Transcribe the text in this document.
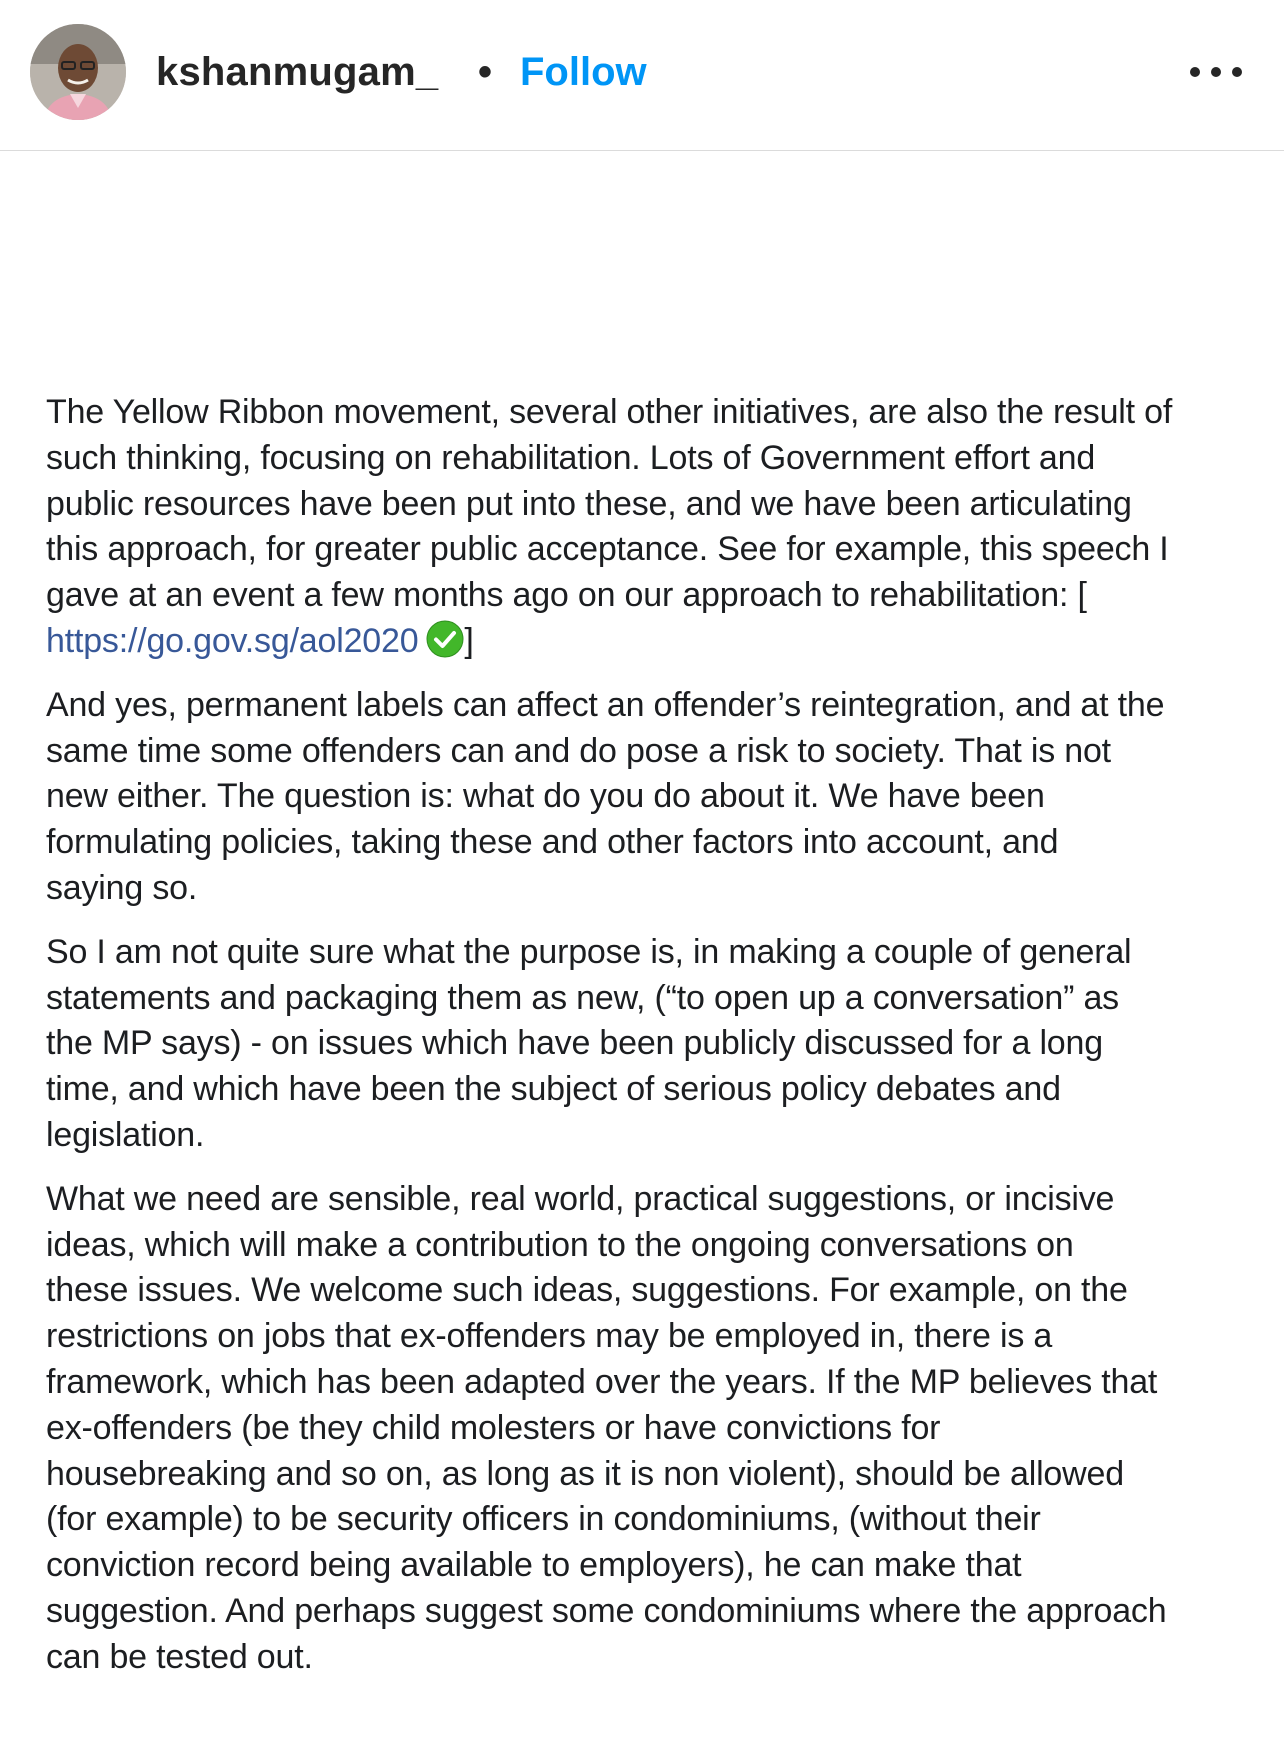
kshanmugam_ • Follow
The Yellow Ribbon movement, several other initiatives, are also the result of
such thinking, focusing on rehabilitation. Lots of Government effort and
public resources have been put into these, and we have been articulating
this approach, for greater public acceptance. See for example, this speech I
gave at an event a few months ago on our approach to rehabilitation: [
https://go.gov.sg/aol2020 ]
And yes, permanent labels can affect an offender’s reintegration, and at the
same time some offenders can and do pose a risk to society. That is not
new either. The question is: what do you do about it. We have been
formulating policies, taking these and other factors into account, and
saying so.
So I am not quite sure what the purpose is, in making a couple of general
statements and packaging them as new, (“to open up a conversation” as
the MP says) - on issues which have been publicly discussed for a long
time, and which have been the subject of serious policy debates and
legislation.
What we need are sensible, real world, practical suggestions, or incisive
ideas, which will make a contribution to the ongoing conversations on
these issues. We welcome such ideas, suggestions. For example, on the
restrictions on jobs that ex-offenders may be employed in, there is a
framework, which has been adapted over the years. If the MP believes that
ex-offenders (be they child molesters or have convictions for
housebreaking and so on, as long as it is non violent), should be allowed
(for example) to be security officers in condominiums, (without their
conviction record being available to employers), he can make that
suggestion. And perhaps suggest some condominiums where the approach
can be tested out.
